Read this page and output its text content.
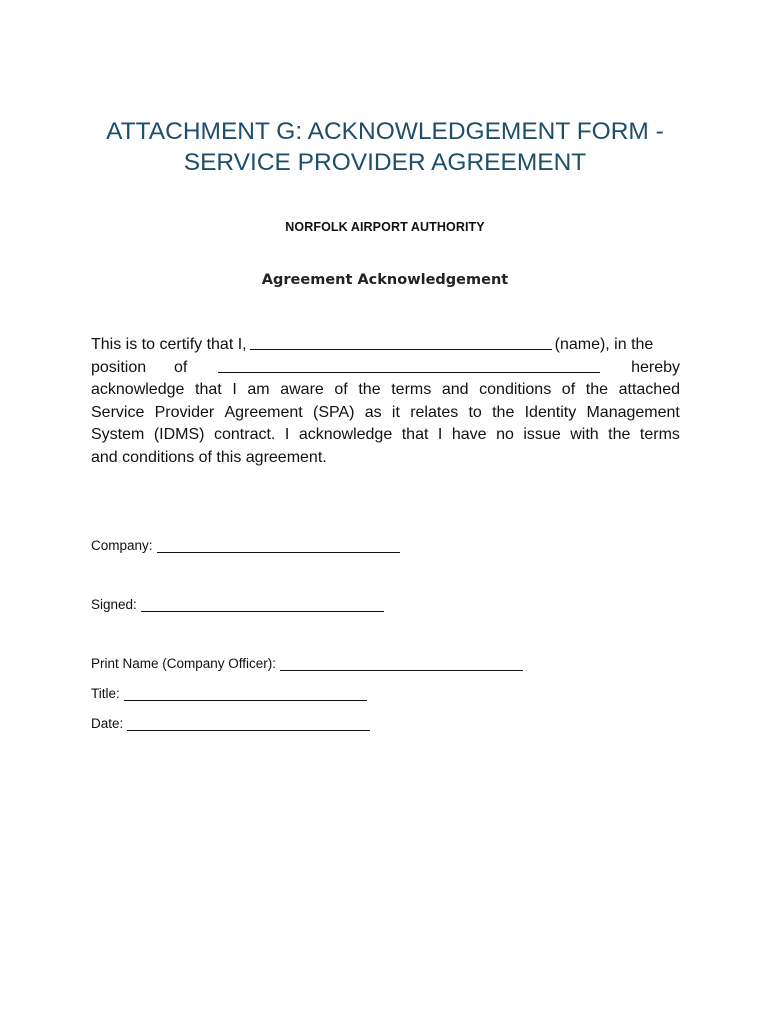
ATTACHMENT G: ACKNOWLEDGEMENT FORM -
SERVICE PROVIDER AGREEMENT
NORFOLK AIRPORT AUTHORITY
Agreement Acknowledgement
This is to certify that I,	(name), in the
position of	hereby
acknowledge that I am aware of the terms and conditions of the attached
Service Provider Agreement (SPA) as it relates to the Identity Management
System (IDMS) contract. I acknowledge that I have no issue with the terms
and conditions of this agreement.
Company:
Signed:
Print Name (Company Officer):
Title:
Date:
